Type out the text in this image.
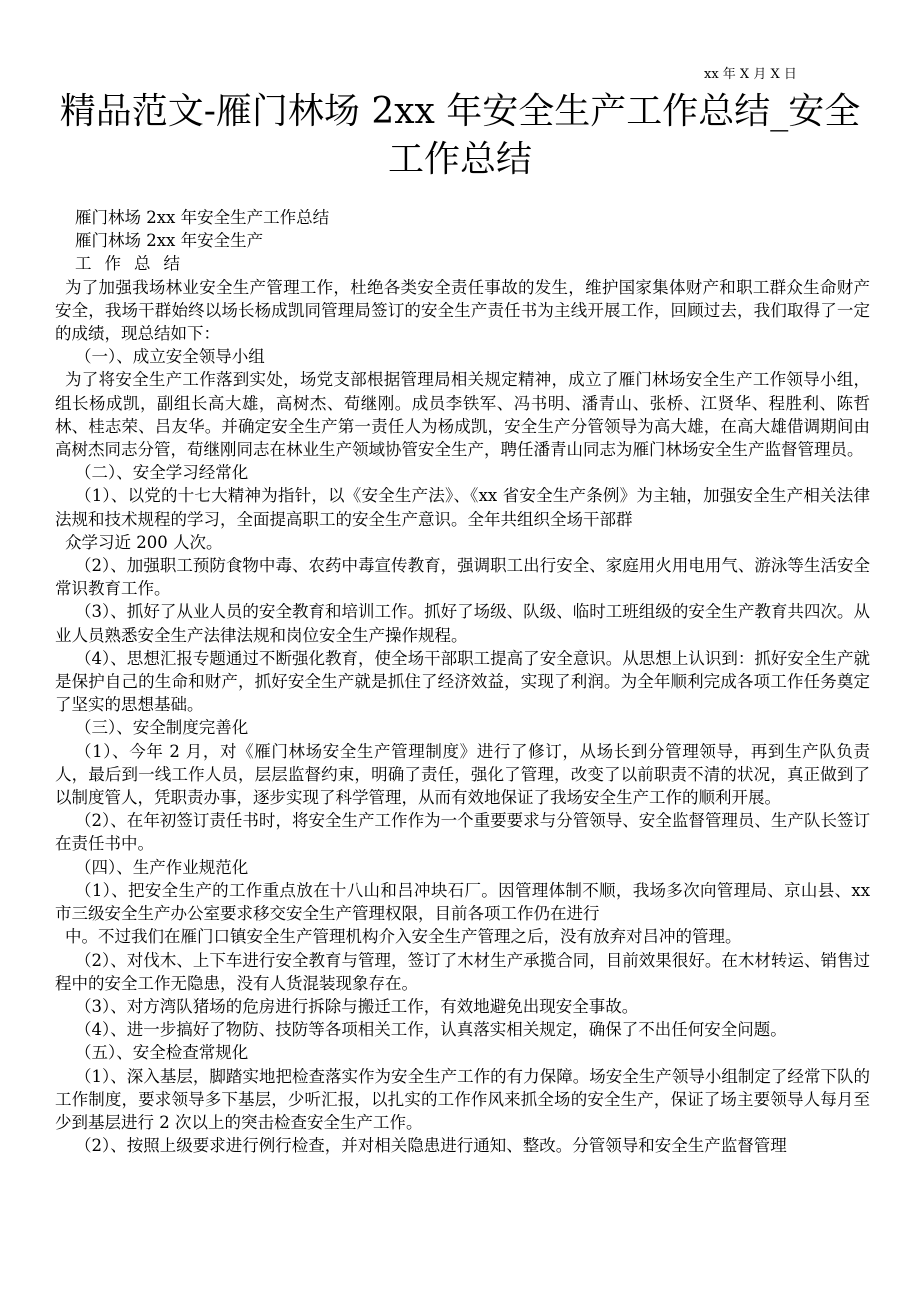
xx 年 X 月 X 日
精品范文-雁门林场 2xx 年安全生产工作总结_安全工作总结

雁门林场 2xx 年安全生产工作总结

雁门林场 2xx 年安全生产

工作总结

为了加强我场林业安全生产管理工作，杜绝各类安全责任事故的发生，维护国家集体财产和职工群众生命财产安全，我场干群始终以场长杨成凯同管理局签订的安全生产责任书为主线开展工作，回顾过去，我们取得了一定的成绩，现总结如下：

（一）、成立安全领导小组

为了将安全生产工作落到实处，场党支部根据管理局相关规定精神，成立了雁门林场安全生产工作领导小组，组长杨成凯，副组长高大雄，高树杰、荀继刚。成员李铁军、冯书明、潘青山、张桥、江贤华、程胜利、陈哲林、桂志荣、吕友华。并确定安全生产第一责任人为杨成凯，安全生产分管领导为高大雄，在高大雄借调期间由高树杰同志分管，荀继刚同志在林业生产领域协管安全生产，聘任潘青山同志为雁门林场安全生产监督管理员。

（二）、安全学习经常化

（1）、以党的十七大精神为指针，以《安全生产法》、《xx 省安全生产条例》为主轴，加强安全生产相关法律法规和技术规程的学习，全面提高职工的安全生产意识。全年共组织全场干部群

众学习近 200 人次。

（2）、加强职工预防食物中毒、农药中毒宣传教育，强调职工出行安全、家庭用火用电用气、游泳等生活安全常识教育工作。

（3）、抓好了从业人员的安全教育和培训工作。抓好了场级、队级、临时工班组级的安全生产教育共四次。从业人员熟悉安全生产法律法规和岗位安全生产操作规程。

（4）、思想汇报专题通过不断强化教育，使全场干部职工提高了安全意识。从思想上认识到：抓好安全生产就是保护自己的生命和财产，抓好安全生产就是抓住了经济效益，实现了利润。为全年顺利完成各项工作任务奠定了坚实的思想基础。

（三）、安全制度完善化

（1）、今年 2 月，对《雁门林场安全生产管理制度》进行了修订，从场长到分管理领导，再到生产队负责人，最后到一线工作人员，层层监督约束，明确了责任，强化了管理，改变了以前职责不清的状况，真正做到了以制度管人，凭职责办事，逐步实现了科学管理，从而有效地保证了我场安全生产工作的顺利开展。

（2）、在年初签订责任书时，将安全生产工作作为一个重要要求与分管领导、安全监督管理员、生产队长签订在责任书中。

（四）、生产作业规范化

（1）、把安全生产的工作重点放在十八山和吕冲块石厂。因管理体制不顺，我场多次向管理局、京山县、xx 市三级安全生产办公室要求移交安全生产管理权限，目前各项工作仍在进行

中。不过我们在雁门口镇安全生产管理机构介入安全生产管理之后，没有放弃对吕冲的管理。

（2）、对伐木、上下车进行安全教育与管理，签订了木材生产承揽合同，目前效果很好。在木材转运、销售过程中的安全工作无隐患，没有人货混装现象存在。

（3）、对方湾队猪场的危房进行拆除与搬迁工作，有效地避免出现安全事故。

（4）、进一步搞好了物防、技防等各项相关工作，认真落实相关规定，确保了不出任何安全问题。

（五）、安全检查常规化

（1）、深入基层，脚踏实地把检查落实作为安全生产工作的有力保障。场安全生产领导小组制定了经常下队的工作制度，要求领导多下基层，少听汇报，以扎实的工作作风来抓全场的安全生产，保证了场主要领导人每月至少到基层进行 2 次以上的突击检查安全生产工作。

（2）、按照上级要求进行例行检查，并对相关隐患进行通知、整改。分管领导和安全生产监督管理
